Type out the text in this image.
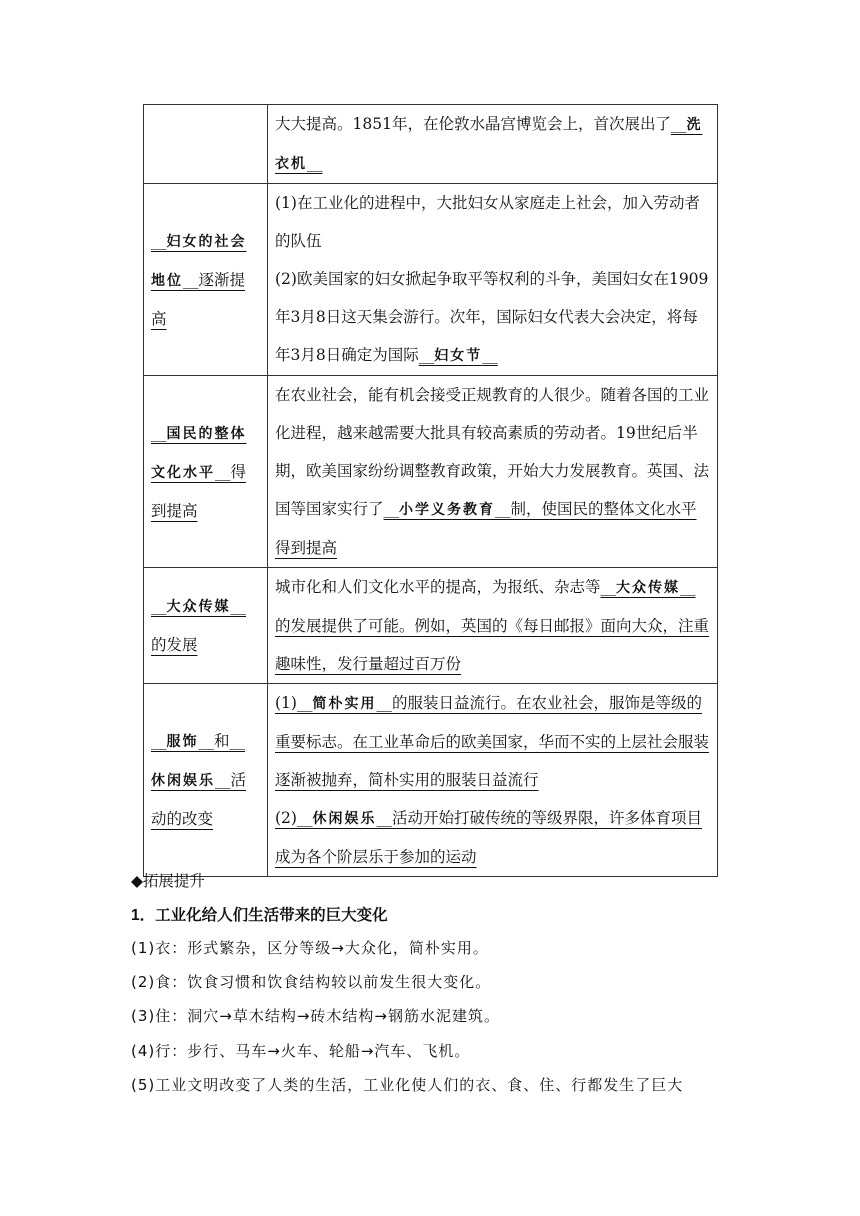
	大大提高。1851年，在伦敦水晶宫博览会上，首次展出了__洗衣机__

__妇女的社会地位__逐渐提高	(1)在工业化的进程中，大批妇女从家庭走上社会，加入劳动者的队伍
(2)欧美国家的妇女掀起争取平等权利的斗争，美国妇女在1909年3月8日这天集会游行。次年，国际妇女代表大会决定，将每年3月8日确定为国际__妇女节__

__国民的整体文化水平__得到提高	在农业社会，能有机会接受正规教育的人很少。随着各国的工业化进程，越来越需要大批具有较高素质的劳动者。19世纪后半期，欧美国家纷纷调整教育政策，开始大力发展教育。英国、法国等国家实行了__小学义务教育__制，使国民的整体文化水平得到提高

__大众传媒__的发展	城市化和人们文化水平的提高，为报纸、杂志等__大众传媒__的发展提供了可能。例如，英国的《每日邮报》面向大众，注重趣味性，发行量超过百万份

__服饰__和__休闲娱乐__活动的改变	(1)__简朴实用__的服装日益流行。在农业社会，服饰是等级的重要标志。在工业革命后的欧美国家，华而不实的上层社会服装逐渐被抛弃，简朴实用的服装日益流行
(2)__休闲娱乐__活动开始打破传统的等级界限，许多体育项目成为各个阶层乐于参加的运动
◆拓展提升
1．工业化给人们生活带来的巨大变化
(1)衣：形式繁杂，区分等级→大众化，简朴实用。
(2)食：饮食习惯和饮食结构较以前发生很大变化。
(3)住：洞穴→草木结构→砖木结构→钢筋水泥建筑。
(4)行：步行、马车→火车、轮船→汽车、飞机。
(5)工业文明改变了人类的生活，工业化使人们的衣、食、住、行都发生了巨大
